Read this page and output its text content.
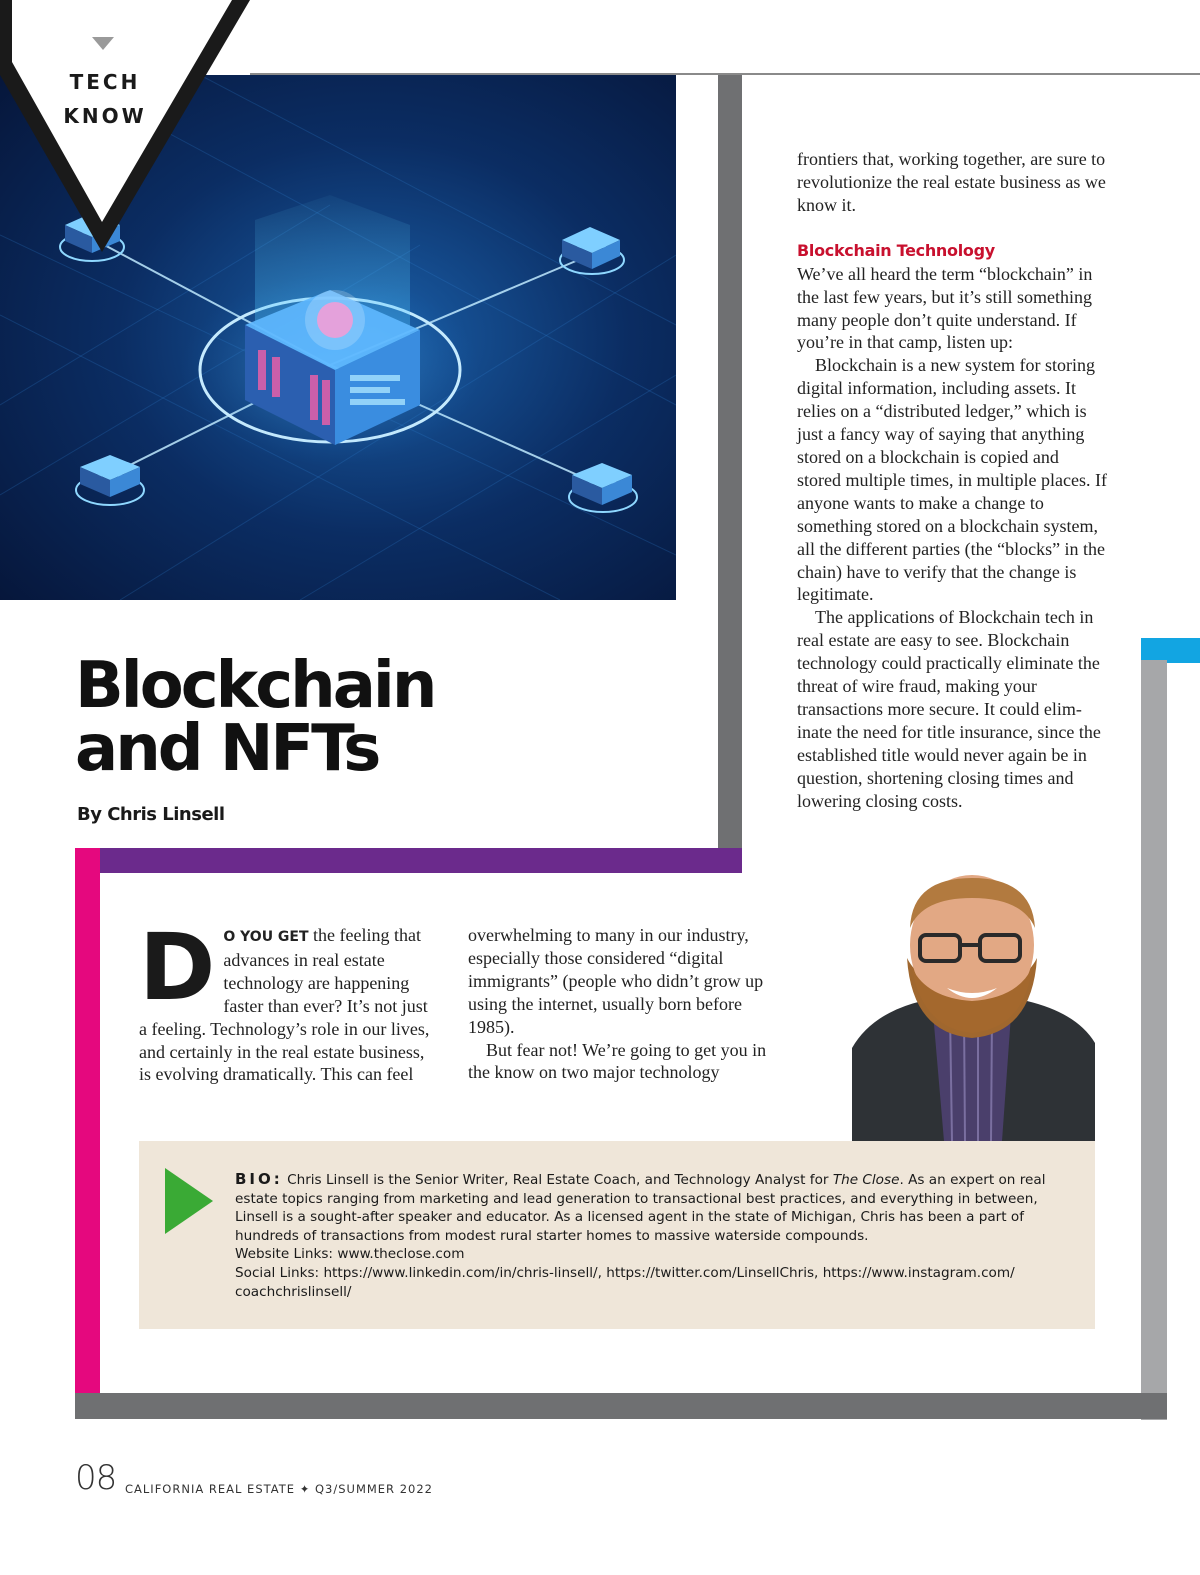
TECH
KNOW
Blockchain
and NFTs
By Chris Linsell

frontiers that, working together, are sure to revolutionize the real estate business as we know it.

Blockchain Technology

We’ve all heard the term “blockchain” in the last few years, but it’s still something many people don’t quite understand. If you’re in that camp, listen up:

Blockchain is a new system for storing digital information, including assets. It relies on a “distributed ledger,” which is just a fancy way of saying that anything stored on a blockchain is copied and stored multiple times, in multiple places. If anyone wants to make a change to something stored on a blockchain system, all the different parties (the “blocks” in the chain) have to verify that the change is legitimate.

The applications of Blockchain tech in real estate are easy to see. Blockchain technology could practically eliminate the threat of wire fraud, making your transactions more secure. It could elim-inate the need for title insurance, since the established title would never again be in question, shortening closing times and lowering closing costs.

D O YOU GET the feeling that advances in real estate technology are happening faster than ever? It’s not just a feeling. Technology’s role in our lives, and certainly in the real estate business, is evolving dramatically. This can feel

overwhelming to many in our industry, especially those considered “digital immigrants” (people who didn’t grow up using the internet, usually born before 1985).

But fear not! We’re going to get you in the know on two major technology

BIO: Chris Linsell is the Senior Writer, Real Estate Coach, and Technology Analyst for The Close. As an expert on real estate topics ranging from marketing and lead generation to transactional best practices, and everything in between, Linsell is a sought-after speaker and educator. As a licensed agent in the state of Michigan, Chris has been a part of hundreds of transactions from modest rural starter homes to massive waterside compounds.

Website Links: www.theclose.com

Social Links: https://www.linkedin.com/in/chris-linsell/, https://twitter.com/LinsellChris, https://www.instagram.com/ coachchrislinsell/

08 CALIFORNIA REAL ESTATE ✦ Q3/SUMMER 2022
